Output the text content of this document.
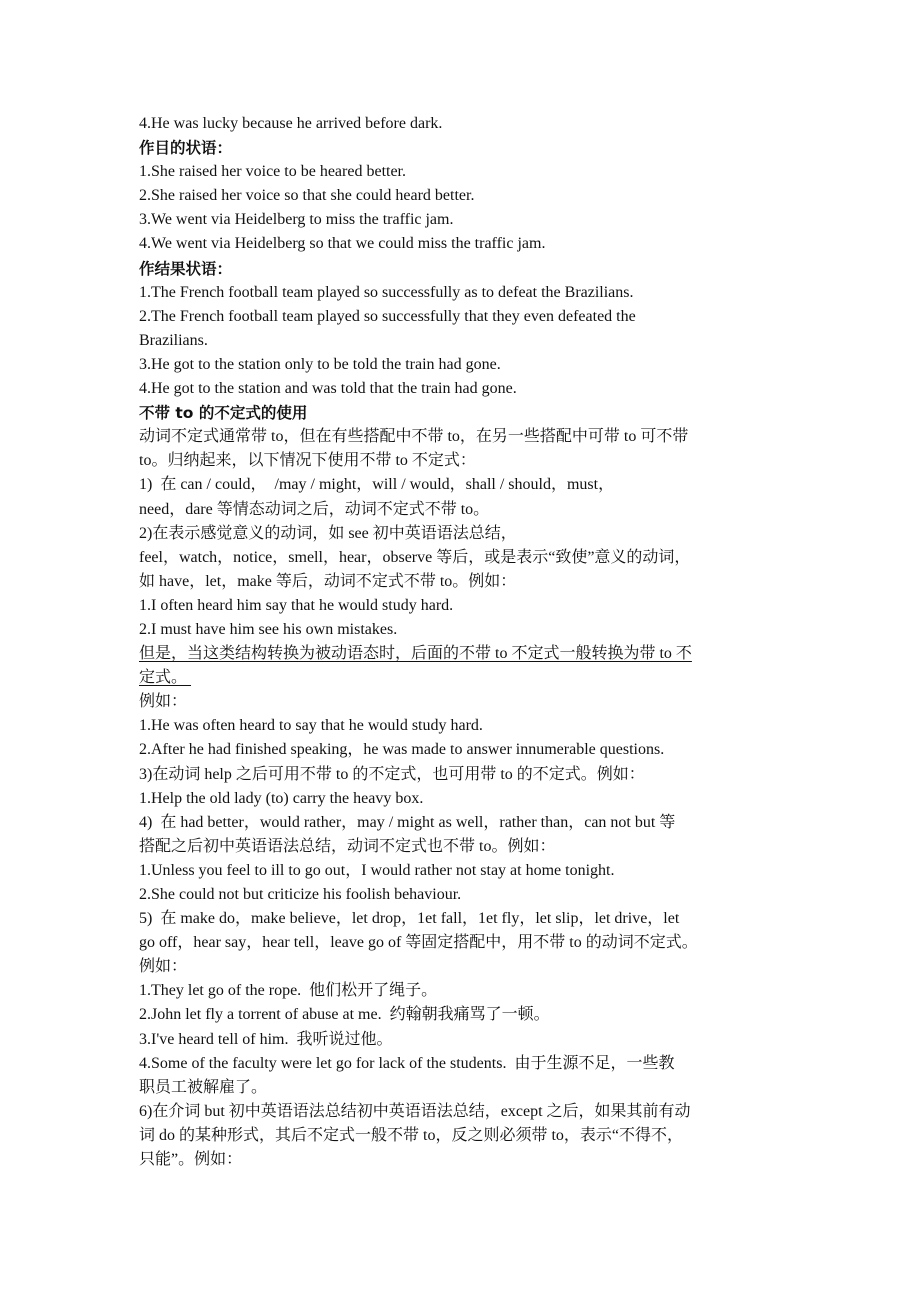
4.He was lucky because he arrived before dark.
作目的状语：
1.She raised her voice to be heared better.
2.She raised her voice so that she could heard better.
3.We went via Heidelberg to miss the traffic jam.
4.We went via Heidelberg so that we could miss the traffic jam.
作结果状语：
1.The French football team played so successfully as to defeat the Brazilians.
2.The French football team played so successfully that they even defeated the
Brazilians.
3.He got to the station only to be told the train had gone.
4.He got to the station and was told that the train had gone.
不带 to 的不定式的使用
动词不定式通常带 to，但在有些搭配中不带 to，在另一些搭配中可带 to 可不带
to。归纳起来，以下情况下使用不带 to 不定式：
1)  在 can / could，  /may / might，will / would，shall / should，must，
need，dare 等情态动词之后，动词不定式不带 to。
2)在表示感觉意义的动词，如 see 初中英语语法总结，
feel，watch，notice，smell，hear，observe 等后，或是表示“致使”意义的动词，
如 have，let，make 等后，动词不定式不带 to。例如：
1.I often heard him say that he would study hard.
2.I must have him see his own mistakes.
但是，当这类结构转换为被动语态时，后面的不带 to 不定式一般转换为带 to 不
定式。
例如：
1.He was often heard to say that he would study hard.
2.After he had finished speaking，he was made to answer innumerable questions.
3)在动词 help 之后可用不带 to 的不定式，也可用带 to 的不定式。例如：
1.Help the old lady (to) carry the heavy box.
4)  在 had better，would rather，may / might as well，rather than，can not but 等
搭配之后初中英语语法总结，动词不定式也不带 to。例如：
1.Unless you feel to ill to go out，I would rather not stay at home tonight.
2.She could not but criticize his foolish behaviour.
5)  在 make do，make believe，let drop，1et fall，1et fly，let slip，let drive，let
go off，hear say，hear tell，leave go of 等固定搭配中，用不带 to 的动词不定式。
例如：
1.They let go of the rope.  他们松开了绳子。
2.John let fly a torrent of abuse at me.  约翰朝我痛骂了一顿。
3.I've heard tell of him.  我听说过他。
4.Some of the faculty were let go for lack of the students.  由于生源不足，一些教
职员工被解雇了。
6)在介词 but 初中英语语法总结初中英语语法总结，except 之后，如果其前有动
词 do 的某种形式，其后不定式一般不带 to，反之则必须带 to，表示“不得不，
只能”。例如：
